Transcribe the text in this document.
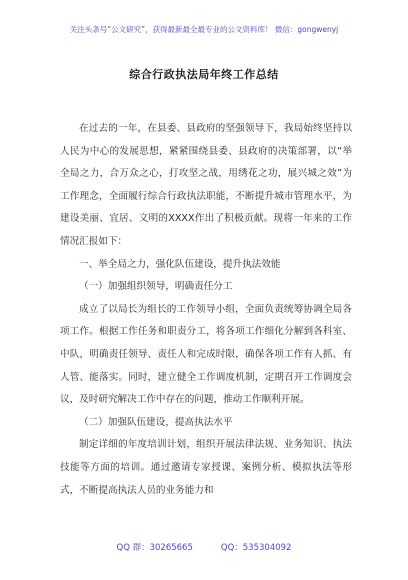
关注头条号“公文研究”，获得最新最全最专业的公文资料库！ 微信：gongwenyj
综合行政执法局年终工作总结

在过去的一年，在县委、县政府的坚强领导下，我局始终坚持以人民为中心的发展思想，紧紧围绕县委、县政府的决策部署，以“举全局之力，合万众之心，打攻坚之战，用绣花之功，展兴城之效”为工作理念，全面履行综合行政执法职能，不断提升城市管理水平，为建设美丽、宜居、文明的XXXX作出了积极贡献。现将一年来的工作情况汇报如下：

一、举全局之力，强化队伍建设，提升执法效能

（一）加强组织领导，明确责任分工

成立了以局长为组长的工作领导小组，全面负责统筹协调全局各项工作。根据工作任务和职责分工，将各项工作细化分解到各科室、中队，明确责任领导、责任人和完成时限，确保各项工作有人抓、有人管、能落实。同时，建立健全工作调度机制，定期召开工作调度会议，及时研究解决工作中存在的问题，推动工作顺利开展。

（二）加强队伍建设，提高执法水平

制定详细的年度培训计划，组织开展法律法规、业务知识、执法技能等方面的培训。通过邀请专家授课、案例分析、模拟执法等形式，不断提高执法人员的业务能力和

QQ 群：30265665	QQ：535304092
